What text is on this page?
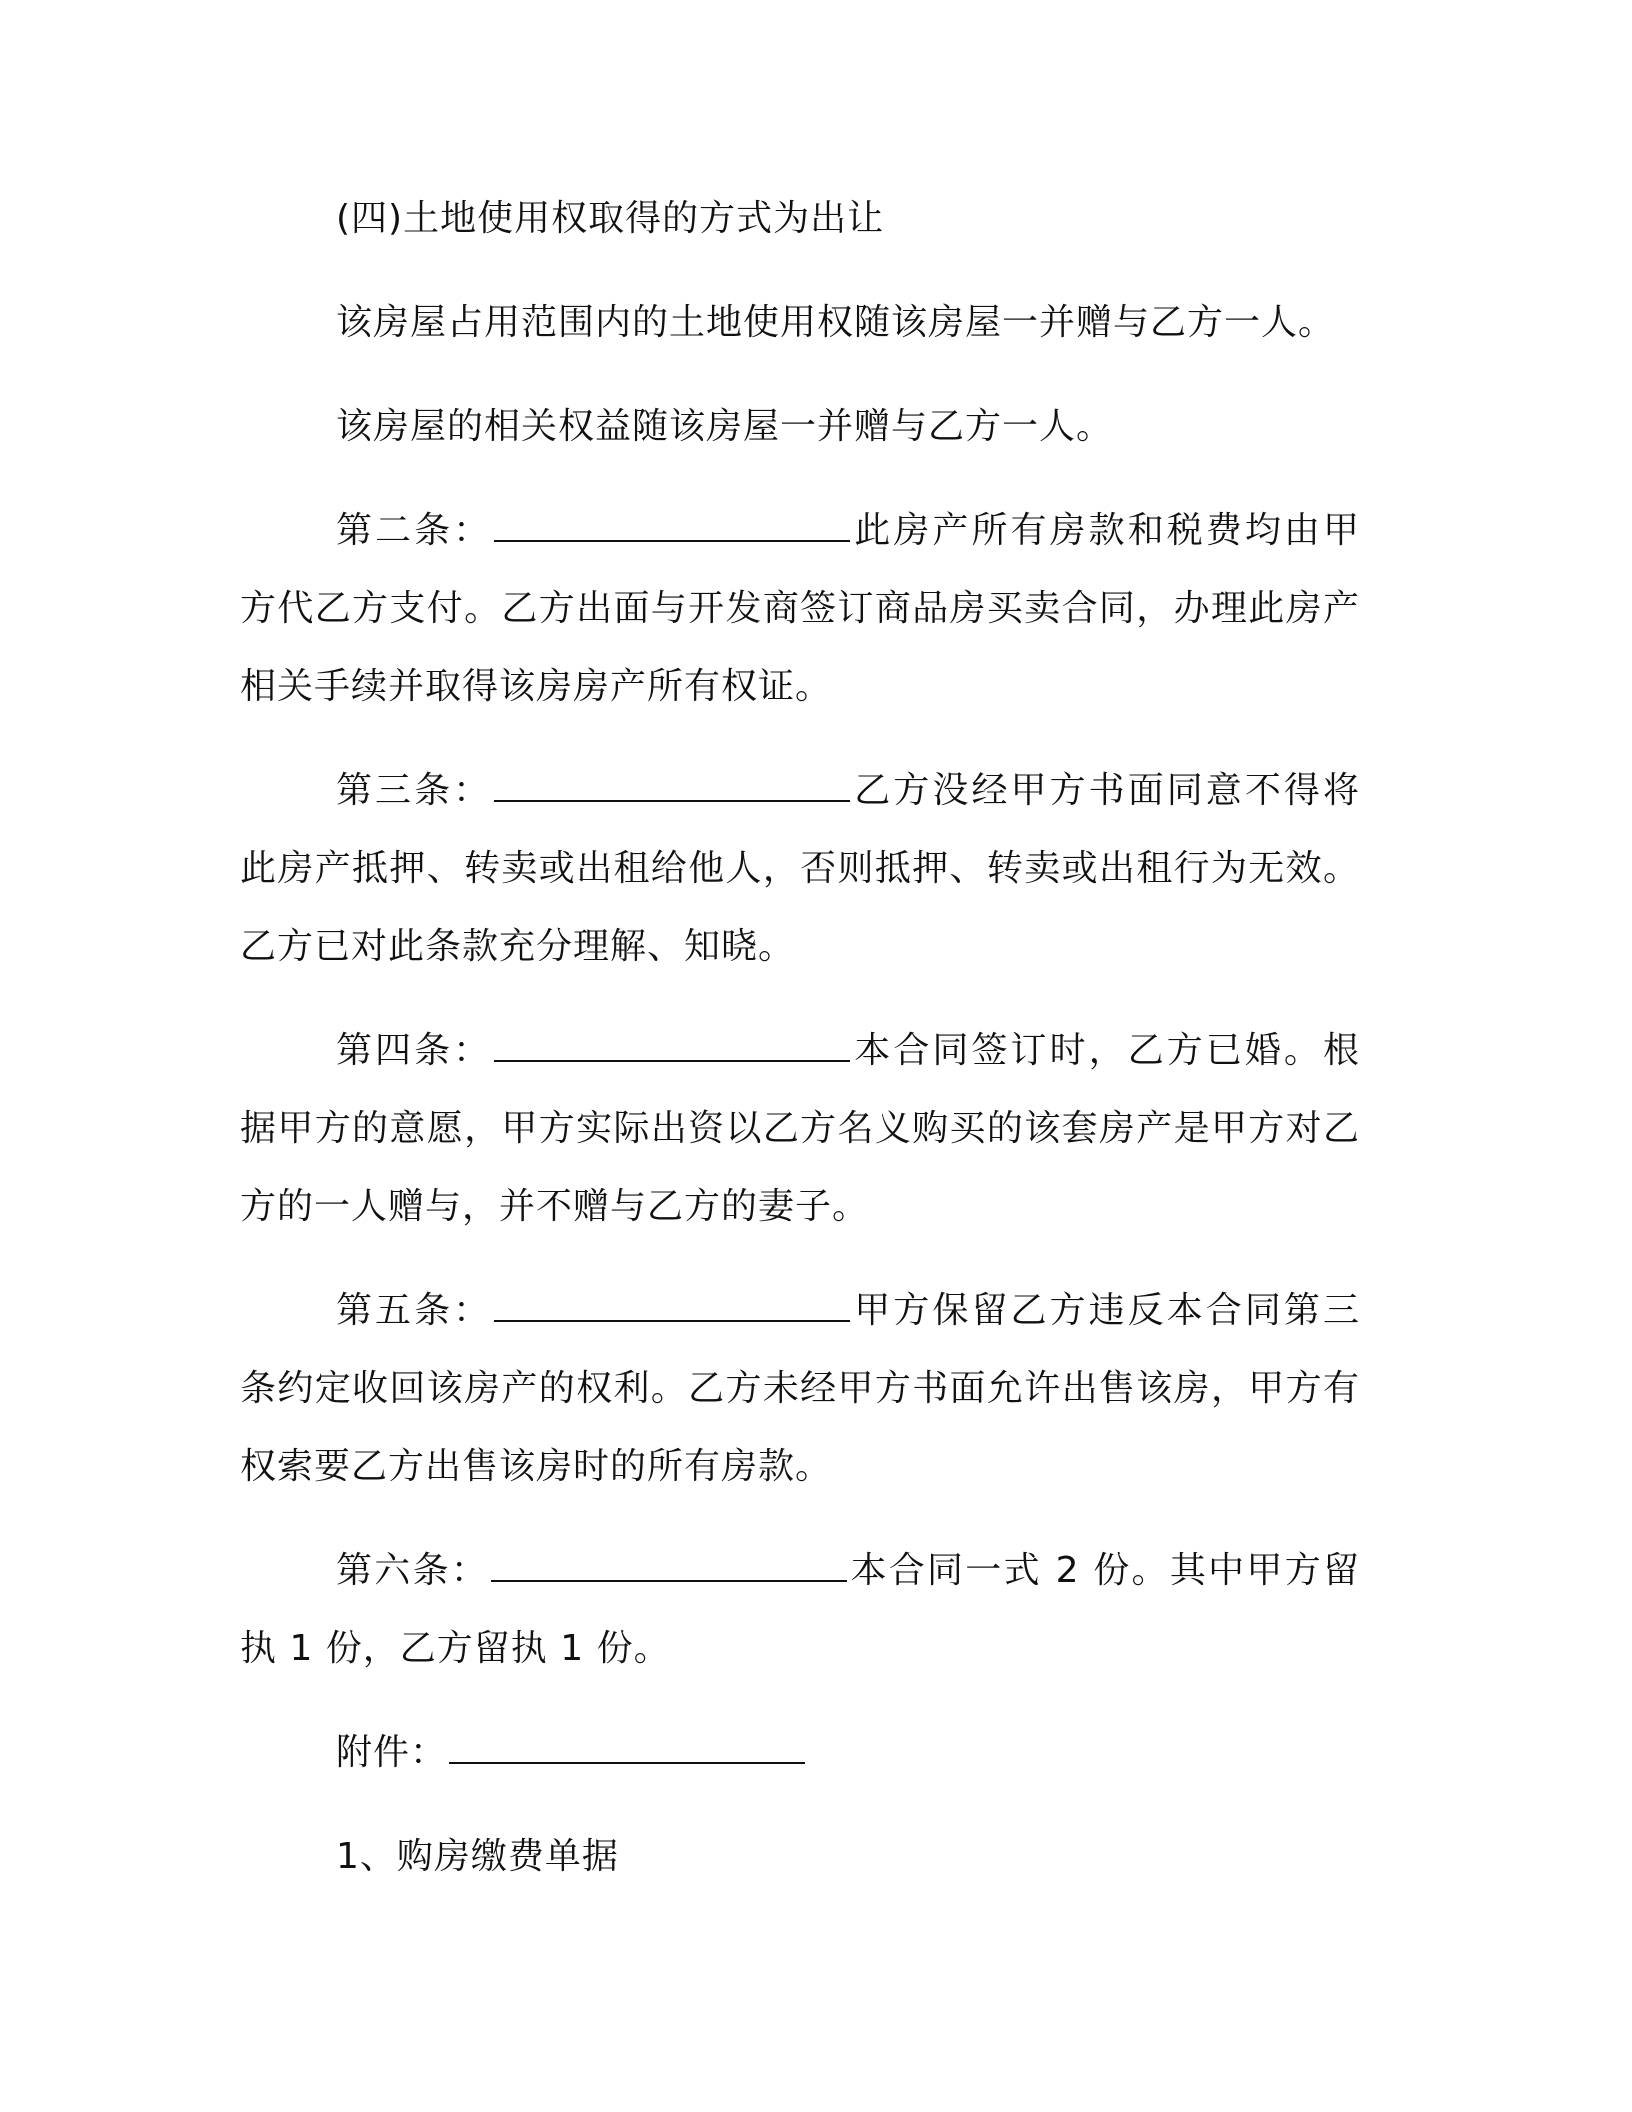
(四)土地使用权取得的方式为出让

该房屋占用范围内的土地使用权随该房屋一并赠与乙方一人。

该房屋的相关权益随该房屋一并赠与乙方一人。

第二条：	此房产所有房款和税费均由甲方代乙方支付。乙方出面与开发商签订商品房买卖合同，办理此房产相关手续并取得该房房产所有权证。

第三条：	乙方没经甲方书面同意不得将此房产抵押、转卖或出租给他人，否则抵押、转卖或出租行为无效。乙方已对此条款充分理解、知晓。

第四条：	本合同签订时，乙方已婚。根据甲方的意愿，甲方实际出资以乙方名义购买的该套房产是甲方对乙方的一人赠与，并不赠与乙方的妻子。

第五条：	甲方保留乙方违反本合同第三条约定收回该房产的权利。乙方未经甲方书面允许出售该房，甲方有权索要乙方出售该房时的所有房款。

第六条：	本合同一式 2 份。其中甲方留执 1 份，乙方留执 1 份。

附件：

1、购房缴费单据
